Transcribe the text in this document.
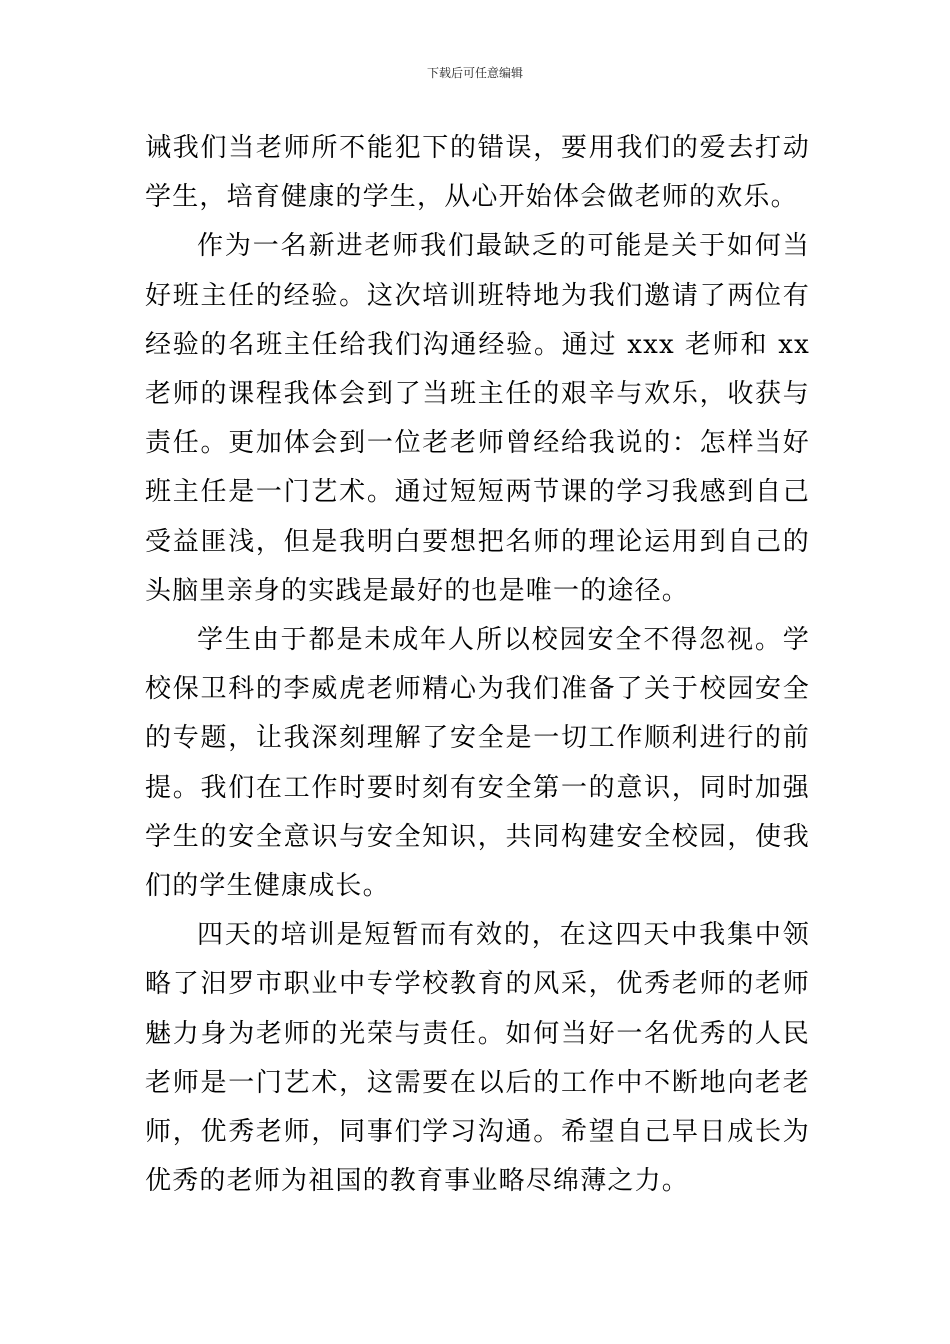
下载后可任意编辑

诫我们当老师所不能犯下的错误，要用我们的爱去打动学生，培育健康的学生，从心开始体会做老师的欢乐。

作为一名新进老师我们最缺乏的可能是关于如何当好班主任的经验。这次培训班特地为我们邀请了两位有经验的名班主任给我们沟通经验。通过 xxx 老师和 xx 老师的课程我体会到了当班主任的艰辛与欢乐，收获与责任。更加体会到一位老老师曾经给我说的：怎样当好班主任是一门艺术。通过短短两节课的学习我感到自己受益匪浅，但是我明白要想把名师的理论运用到自己的头脑里亲身的实践是最好的也是唯一的途径。

学生由于都是未成年人所以校园安全不得忽视。学校保卫科的李威虎老师精心为我们准备了关于校园安全的专题，让我深刻理解了安全是一切工作顺利进行的前提。我们在工作时要时刻有安全第一的意识，同时加强学生的安全意识与安全知识，共同构建安全校园，使我们的学生健康成长。

四天的培训是短暂而有效的，在这四天中我集中领略了汨罗市职业中专学校教育的风采，优秀老师的老师魅力身为老师的光荣与责任。如何当好一名优秀的人民老师是一门艺术，这需要在以后的工作中不断地向老老师，优秀老师，同事们学习沟通。希望自己早日成长为优秀的老师为祖国的教育事业略尽绵薄之力。
